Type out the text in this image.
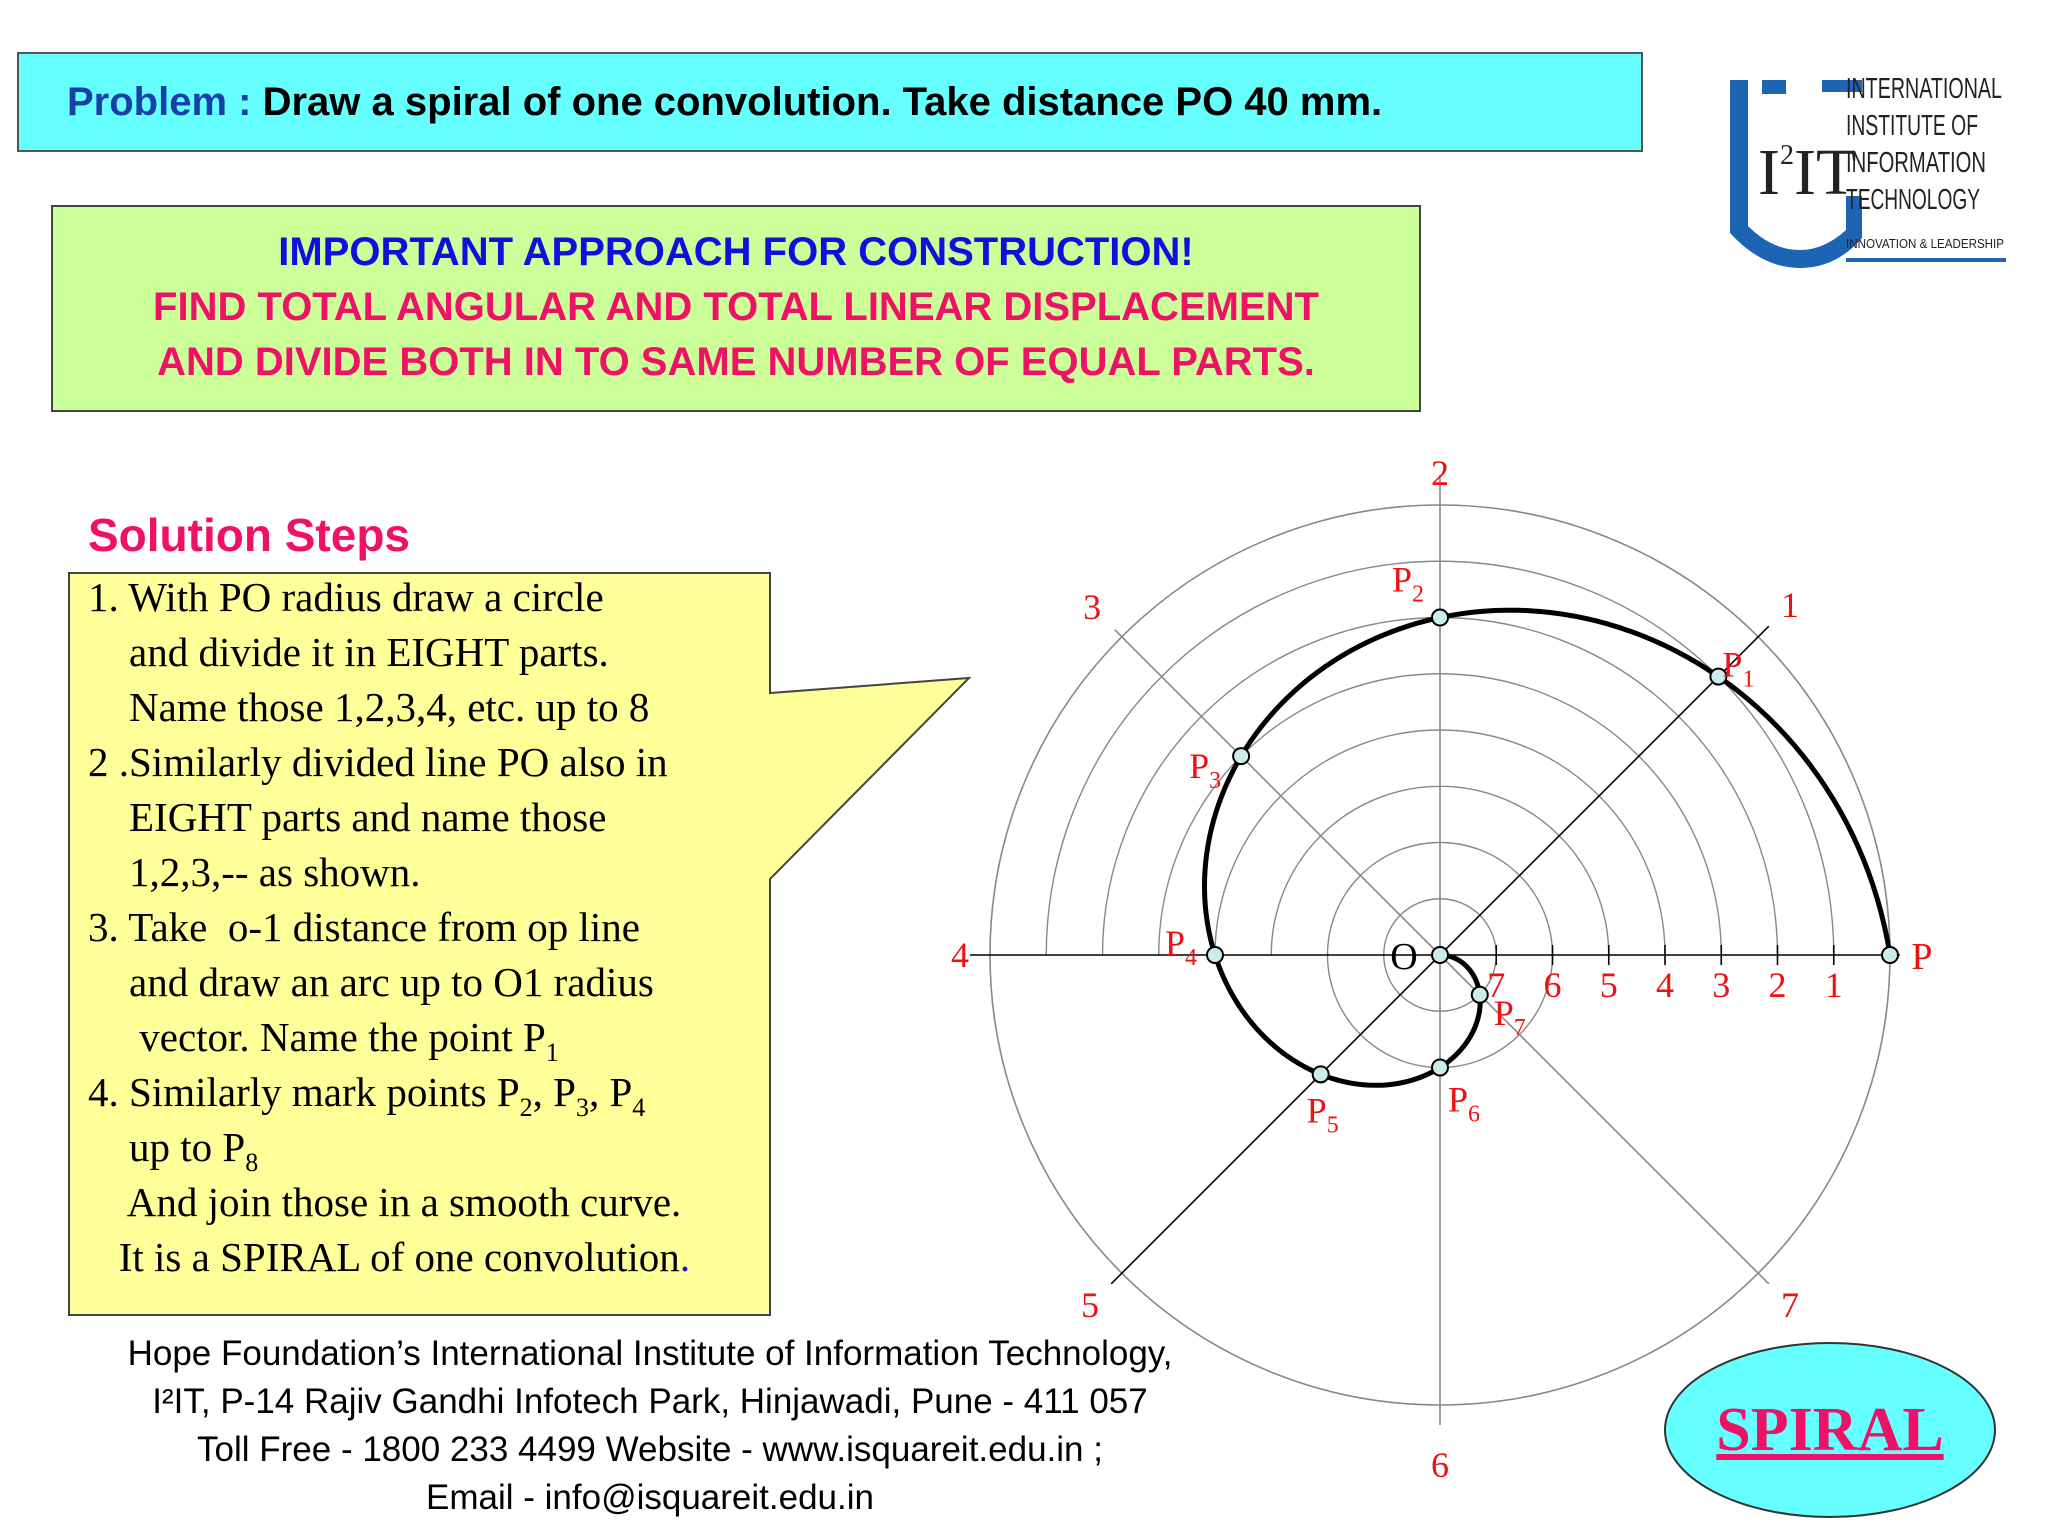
Problem : Draw a spiral of one convolution. Take distance PO 40 mm.
IMPORTANT APPROACH FOR CONSTRUCTION!
FIND TOTAL ANGULAR AND TOTAL LINEAR DISPLACEMENT
AND DIVIDE BOTH IN TO SAME NUMBER OF EQUAL PARTS.
$I^2IT$
INTERNATIONAL
INSTITUTE OF
INFORMATION
TECHNOLOGY
INNOVATION & LEADERSHIP
Solution Steps
1. With PO radius draw a circle
and divide it in EIGHT parts.
Name those 1,2,3,4, etc. up to 8
2 .Similarly divided line PO also in
EIGHT parts and name those
1,2,3,-- as shown.
3. Take  o-1 distance from op line
and draw an arc up to O1 radius
vector. Name the point $P_1$
4. Similarly mark points $P_2$, $P_3$, $P_4$
up to $P_8$
And join those in a smooth curve.
It is a SPIRAL of one convolution.
Hope Foundation’s International Institute of Information Technology,
I²IT, P-14 Rajiv Gandhi Infotech Park, Hinjawadi, Pune - 411 057
Toll Free - 1800 233 4499 Website - www.isquareit.edu.in ;
Email - info@isquareit.edu.in
SPIRAL
1
2
3
4
5
6
7
1
2
3
4
5
6
7
O	P
$P_1$
$P_2$
$P_3$
$P_4$
$P_5$
$P_6$
$P_7$
